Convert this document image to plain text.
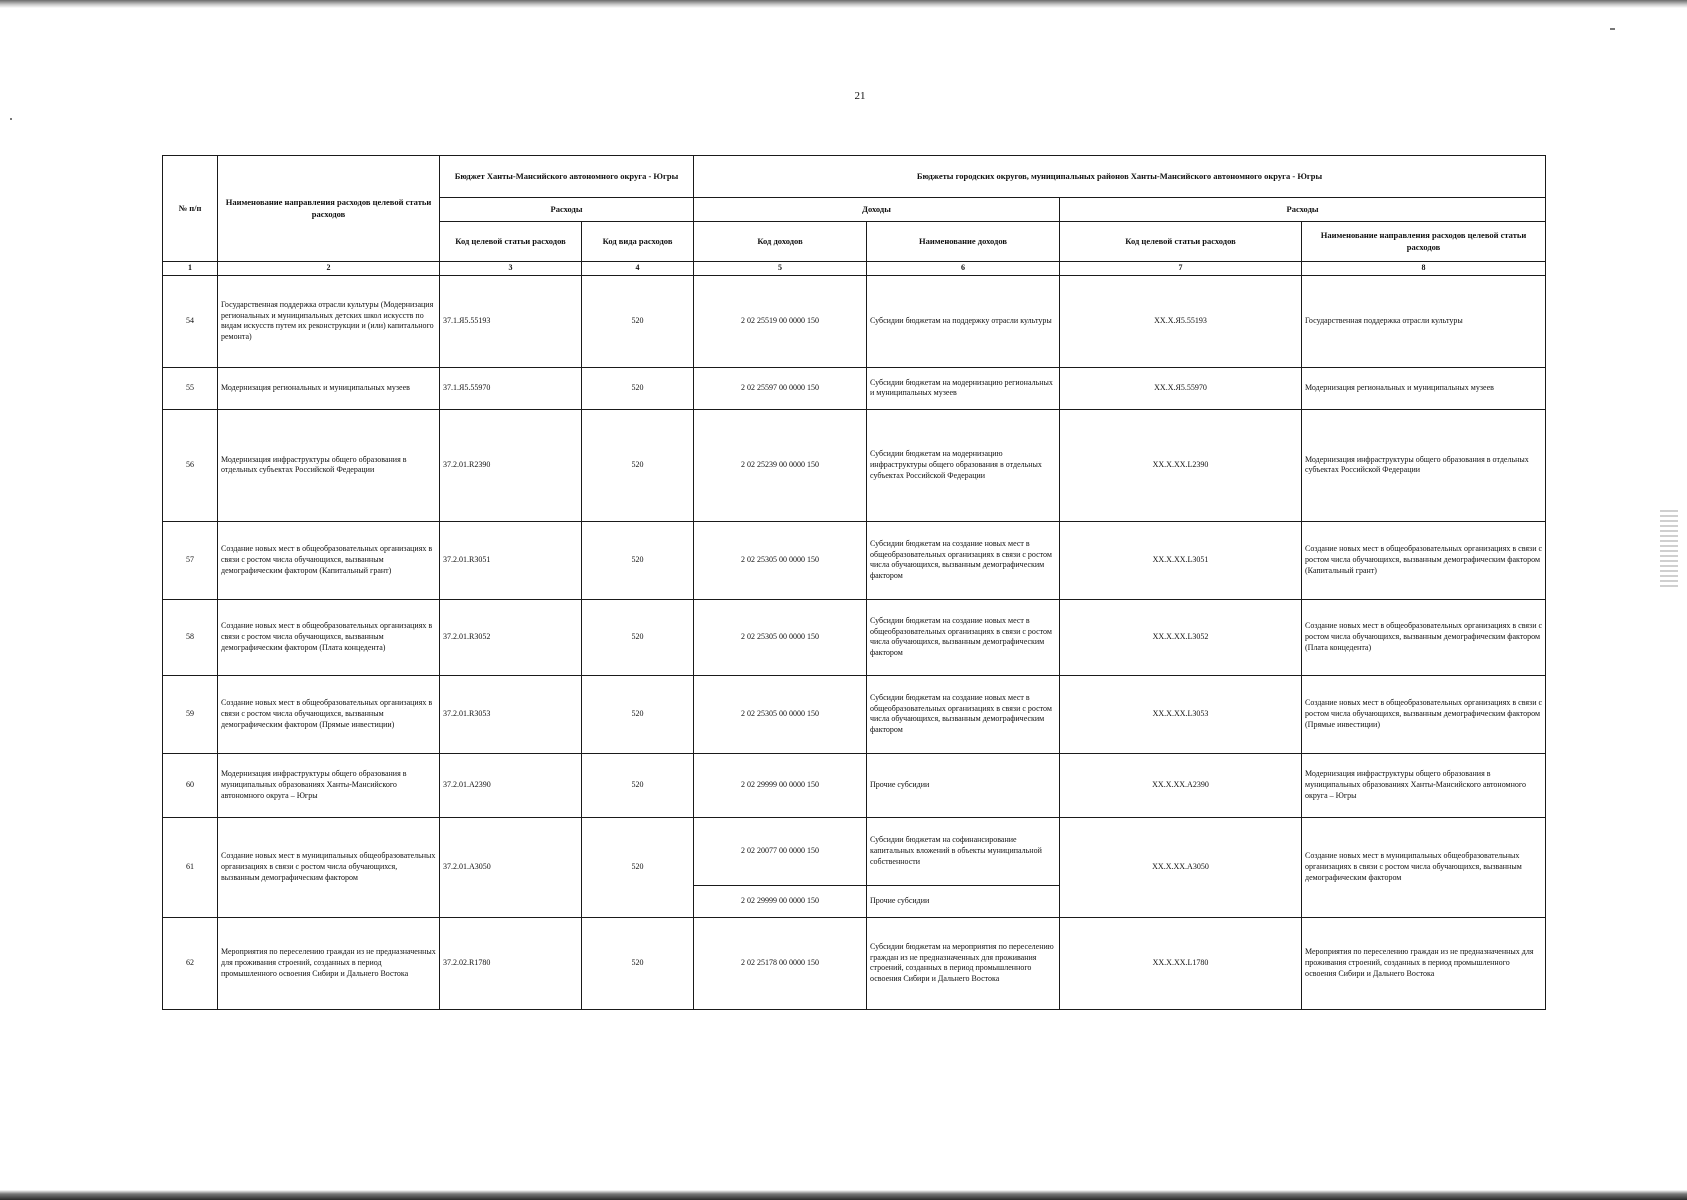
21
№ п/п	Наименование направления расходов целевой статьи расходов	Бюджет Ханты-Мансийского автономного округа - Югры		Бюджеты городских округов, муниципальных районов Ханты-Мансийского автономного округа - Югры			
		Расходы		Доходы		Расходы	
		Код целевой статьи расходов	Код вида расходов	Код доходов	Наименование доходов	Код целевой статьи расходов	Наименование направления расходов целевой статьи расходов
1	2	3	4	5	6	7	8
54	Государственная поддержка отрасли культуры (Модернизация региональных и муниципальных детских школ искусств по видам искусств путем их реконструкции и (или) капитального ремонта)	37.1.Я5.55193	520	2 02 25519 00 0000 150	Субсидии бюджетам на поддержку отрасли культуры	XX.X.Я5.55193	Государственная поддержка отрасли культуры
55	Модернизация региональных и муниципальных музеев	37.1.Я5.55970	520	2 02 25597 00 0000 150	Субсидии бюджетам на модернизацию региональных и муниципальных музеев	XX.X.Я5.55970	Модернизация региональных и муниципальных музеев
56	Модернизация инфраструктуры общего образования в отдельных субъектах Российской Федерации	37.2.01.R2390	520	2 02 25239 00 0000 150	Субсидии бюджетам на модернизацию инфраструктуры общего образования в отдельных субъектах Российской Федерации	XX.X.XX.L2390	Модернизация инфраструктуры общего образования в отдельных субъектах Российской Федерации
57	Создание новых мест в общеобразовательных организациях в связи с ростом числа обучающихся, вызванным демографическим фактором (Капитальный грант)	37.2.01.R3051	520	2 02 25305 00 0000 150	Субсидии бюджетам на создание новых мест в общеобразовательных организациях в связи с ростом числа обучающихся, вызванным демографическим фактором	XX.X.XX.L3051	Создание новых мест в общеобразовательных организациях в связи с ростом числа обучающихся, вызванным демографическим фактором (Капитальный грант)
58	Создание новых мест в общеобразовательных организациях в связи с ростом числа обучающихся, вызванным демографическим фактором (Плата концедента)	37.2.01.R3052	520	2 02 25305 00 0000 150	Субсидии бюджетам на создание новых мест в общеобразовательных организациях в связи с ростом числа обучающихся, вызванным демографическим фактором	XX.X.XX.L3052	Создание новых мест в общеобразовательных организациях в связи с ростом числа обучающихся, вызванным демографическим фактором (Плата концедента)
59	Создание новых мест в общеобразовательных организациях в связи с ростом числа обучающихся, вызванным демографическим фактором (Прямые инвестиции)	37.2.01.R3053	520	2 02 25305 00 0000 150	Субсидии бюджетам на создание новых мест в общеобразовательных организациях в связи с ростом числа обучающихся, вызванным демографическим фактором	XX.X.XX.L3053	Создание новых мест в общеобразовательных организациях в связи с ростом числа обучающихся, вызванным демографическим фактором (Прямые инвестиции)
60	Модернизация инфраструктуры общего образования в муниципальных образованиях Ханты-Мансийского автономного округа – Югры	37.2.01.A2390	520	2 02 29999 00 0000 150	Прочие субсидии	XX.X.XX.A2390	Модернизация инфраструктуры общего образования в муниципальных образованиях Ханты-Мансийского автономного округа – Югры
61	Создание новых мест в муниципальных общеобразовательных организациях в связи с ростом числа обучающихся, вызванным демографическим фактором	37.2.01.A3050	520	2 02 20077 00 0000 150	Субсидии бюджетам на софинансирование капитальных вложений в объекты муниципальной собственности	XX.X.XX.A3050	Создание новых мест в муниципальных общеобразовательных организациях в связи с ростом числа обучающихся, вызванным демографическим фактором
				2 02 29999 00 0000 150	Прочие субсидии		
62	Мероприятия по переселению граждан из не предназначенных для проживания строений, созданных в период промышленного освоения Сибири и Дальнего Востока	37.2.02.R1780	520	2 02 25178 00 0000 150	Субсидии бюджетам на мероприятия по переселению граждан из не предназначенных для проживания строений, созданных в период промышленного освоения Сибири и Дальнего Востока	XX.X.XX.L1780	Мероприятия по переселению граждан из не предназначенных для проживания строений, созданных в период промышленного освоения Сибири и Дальнего Востока
